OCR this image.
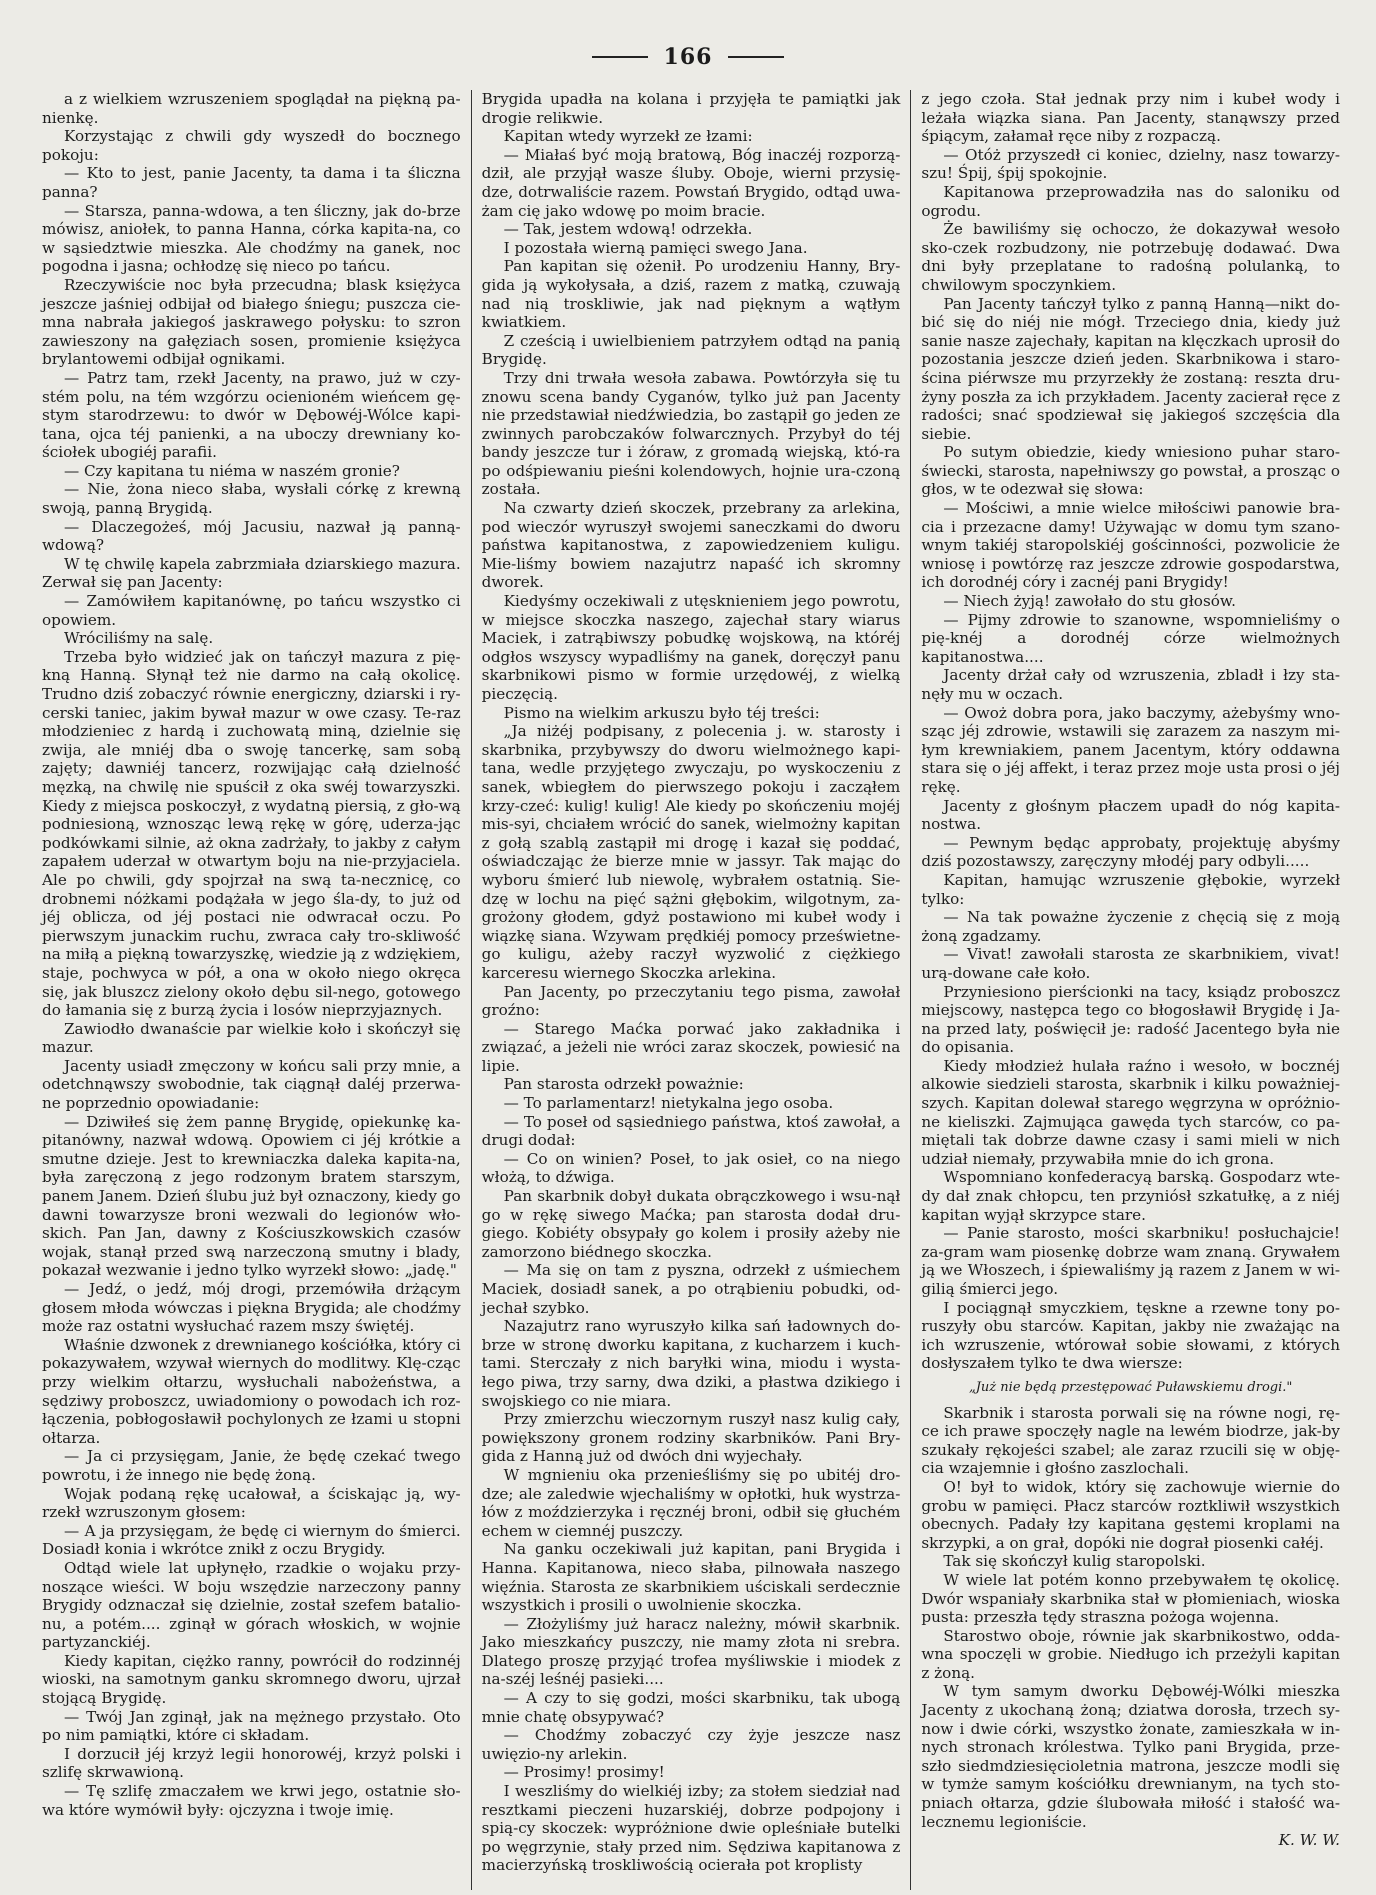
166

a z wielkiem wzruszeniem spoglądał na piękną pa-nienkę.

Korzystając z chwili gdy wyszedł do bocznego pokoju:

— Kto to jest, panie Jacenty, ta dama i ta śliczna panna?

— Starsza, panna-wdowa, a ten śliczny, jak do-brze mówisz, aniołek, to panna Hanna, córka kapita-na, co w sąsiedztwie mieszka. Ale chodźmy na ganek, noc pogodna i jasna; ochłodzę się nieco po tańcu.

Rzeczywiście noc była przecudna; blask księżyca jeszcze jaśniej odbijał od białego śniegu; puszcza cie-mna nabrała jakiegoś jaskrawego połysku: to szron zawieszony na gałęziach sosen, promienie księżyca brylantowemi odbijał ognikami.

— Patrz tam, rzekł Jacenty, na prawo, już w czy-stém polu, na tém wzgórzu ocienioném wieńcem gę-stym starodrzewu: to dwór w Dębowéj-Wólce kapi-tana, ojca téj panienki, a na uboczy drewniany ko-ściołek ubogiéj parafii.

— Czy kapitana tu niéma w naszém gronie?

— Nie, żona nieco słaba, wysłali córkę z krewną swoją, panną Brygidą.

— Dlaczegożeś, mój Jacusiu, nazwał ją panną-wdową?

W tę chwilę kapela zabrzmiała dziarskiego mazura. Zerwał się pan Jacenty:

— Zamówiłem kapitanównę, po tańcu wszystko ci opowiem.

Wróciliśmy na salę.

Trzeba było widzieć jak on tańczył mazura z pię-kną Hanną. Słynął też nie darmo na całą okolicę. Trudno dziś zobaczyć równie energiczny, dziarski i ry-cerski taniec, jakim bywał mazur w owe czasy. Te-raz młodzieniec z hardą i zuchowatą miną, dzielnie się zwija, ale mniéj dba o swoję tancerkę, sam sobą zajęty; dawniéj tancerz, rozwijając całą dzielność męzką, na chwilę nie spuścił z oka swéj towarzyszki. Kiedy z miejsca poskoczył, z wydatną piersią, z gło-wą podniesioną, wznosząc lewą rękę w górę, uderza-jąc podkówkami silnie, aż okna zadrżały, to jakby z całym zapałem uderzał w otwartym boju na nie-przyjaciela. Ale po chwili, gdy spojrzał na swą ta-necznicę, co drobnemi nóżkami podążała w jego śla-dy, to już od jéj oblicza, od jéj postaci nie odwracał oczu. Po pierwszym junackim ruchu, zwraca cały tro-skliwość na miłą a piękną towarzyszkę, wiedzie ją z wdziękiem, staje, pochwyca w pół, a ona w około niego okręca się, jak bluszcz zielony około dębu sil-nego, gotowego do łamania się z burzą życia i losów nieprzyjaznych.

Zawiodło dwanaście par wielkie koło i skończył się mazur.

Jacenty usiadł zmęczony w końcu sali przy mnie, a odetchnąwszy swobodnie, tak ciągnął daléj przerwa-ne poprzednio opowiadanie:

— Dziwiłeś się żem pannę Brygidę, opiekunkę ka-pitanówny, nazwał wdową. Opowiem ci jéj krótkie a smutne dzieje. Jest to krewniaczka daleka kapita-na, była zaręczoną z jego rodzonym bratem starszym, panem Janem. Dzień ślubu już był oznaczony, kiedy go dawni towarzysze broni wezwali do legionów wło-skich. Pan Jan, dawny z Kościuszkowskich czasów wojak, stanął przed swą narzeczoną smutny i blady, pokazał wezwanie i jedno tylko wyrzekł słowo: „jadę."

— Jedź, o jedź, mój drogi, przemówiła drżącym głosem młoda wówczas i piękna Brygida; ale chodźmy może raz ostatni wysłuchać razem mszy świętéj.

Właśnie dzwonek z drewnianego kościółka, który ci pokazywałem, wzywał wiernych do modlitwy. Klę-cząc przy wielkim ołtarzu, wysłuchali nabożeństwa, a sędziwy proboszcz, uwiadomiony o powodach ich roz-łączenia, pobłogosławił pochylonych ze łzami u stopni ołtarza.

— Ja ci przysięgam, Janie, że będę czekać twego powrotu, i że innego nie będę żoną.

Wojak podaną rękę ucałował, a ściskając ją, wy-rzekł wzruszonym głosem:

— A ja przysięgam, że będę ci wiernym do śmierci. Dosiadł konia i wkrótce znikł z oczu Brygidy.

Odtąd wiele lat upłynęło, rzadkie o wojaku przy-noszące wieści. W boju wszędzie narzeczony panny Brygidy odznaczał się dzielnie, został szefem batalio-nu, a potém.... zginął w górach włoskich, w wojnie partyzanckiéj.

Kiedy kapitan, ciężko ranny, powrócił do rodzinnéj wioski, na samotnym ganku skromnego dworu, ujrzał stojącą Brygidę.

— Twój Jan zginął, jak na mężnego przystało. Oto po nim pamiątki, które ci składam.

I dorzucił jéj krzyż legii honorowéj, krzyż polski i szlifę skrwawioną.

— Tę szlifę zmaczałem we krwi jego, ostatnie sło-wa które wymówił były: ojczyzna i twoje imię.

Brygida upadła na kolana i przyjęła te pamiątki jak drogie relikwie.

Kapitan wtedy wyrzekł ze łzami:

— Miałaś być moją bratową, Bóg inaczéj rozporzą-dził, ale przyjął wasze śluby. Oboje, wierni przysię-dze, dotrwaliście razem. Powstań Brygido, odtąd uwa-żam cię jako wdowę po moim bracie.

— Tak, jestem wdową! odrzekła.

I pozostała wierną pamięci swego Jana.

Pan kapitan się ożenił. Po urodzeniu Hanny, Bry-gida ją wykołysała, a dziś, razem z matką, czuwają nad nią troskliwie, jak nad pięknym a wątłym kwiatkiem.

Z cześcią i uwielbieniem patrzyłem odtąd na panią Brygidę.

Trzy dni trwała wesoła zabawa. Powtórzyła się tu znowu scena bandy Cyganów, tylko już pan Jacenty nie przedstawiał niedźwiedzia, bo zastąpił go jeden ze zwinnych parobczaków folwarcznych. Przybył do téj bandy jeszcze tur i żóraw, z gromadą wiejską, któ-ra po odśpiewaniu pieśni kolendowych, hojnie ura-czoną została.

Na czwarty dzień skoczek, przebrany za arlekina, pod wieczór wyruszył swojemi saneczkami do dworu państwa kapitanostwa, z zapowiedzeniem kuligu. Mie-liśmy bowiem nazajutrz napaść ich skromny dworek.

Kiedyśmy oczekiwali z utęsknieniem jego powrotu, w miejsce skoczka naszego, zajechał stary wiarus Maciek, i zatrąbiwszy pobudkę wojskową, na któréj odgłos wszyscy wypadliśmy na ganek, doręczył panu skarbnikowi pismo w formie urzędowéj, z wielką pieczęcią.

Pismo na wielkim arkuszu było téj treści:

„Ja niżéj podpisany, z polecenia j. w. starosty i skarbnika, przybywszy do dworu wielmożnego kapi-tana, wedle przyjętego zwyczaju, po wyskoczeniu z sanek, wbiegłem do pierwszego pokoju i zacząłem krzy-czeć: kulig! kulig! Ale kiedy po skończeniu mojéj mis-syi, chciałem wrócić do sanek, wielmożny kapitan z gołą szablą zastąpił mi drogę i kazał się poddać, oświadczając że bierze mnie w jassyr. Tak mając do wyboru śmierć lub niewolę, wybrałem ostatnią. Sie-dzę w lochu na pięć sążni głębokim, wilgotnym, za-grożony głodem, gdyż postawiono mi kubeł wody i wiązkę siana. Wzywam prędkiéj pomocy prześwietne-go kuligu, ażeby raczył wyzwolić z ciężkiego karceresu wiernego Skoczka arlekina.

Pan Jacenty, po przeczytaniu tego pisma, zawołał groźno:

— Starego Maćka porwać jako zakładnika i związać, a jeżeli nie wróci zaraz skoczek, powiesić na lipie.

Pan starosta odrzekł poważnie:

— To parlamentarz! nietykalna jego osoba.

— To poseł od sąsiedniego państwa, ktoś zawołał, a drugi dodał:

— Co on winien? Poseł, to jak osieł, co na niego włożą, to dźwiga.

Pan skarbnik dobył dukata obrączkowego i wsu-nął go w rękę siwego Maćka; pan starosta dodał dru-giego. Kobiéty obsypały go kolem i prosiły ażeby nie zamorzono biédnego skoczka.

— Ma się on tam z pyszna, odrzekł z uśmiechem Maciek, dosiadł sanek, a po otrąbieniu pobudki, od-jechał szybko.

Nazajutrz rano wyruszyło kilka sań ładownych do-brze w stronę dworku kapitana, z kucharzem i kuch-tami. Sterczały z nich baryłki wina, miodu i wysta-łego piwa, trzy sarny, dwa dziki, a płastwa dzikiego i swojskiego co nie miara.

Przy zmierzchu wieczornym ruszył nasz kulig cały, powiększony gronem rodziny skarbników. Pani Bry-gida z Hanną już od dwóch dni wyjechały.

W mgnieniu oka przenieśliśmy się po ubitéj dro-dze; ale zaledwie wjechaliśmy w opłotki, huk wystrza-łów z moździerzyka i ręcznéj broni, odbił się głuchém echem w ciemnéj puszczy.

Na ganku oczekiwali już kapitan, pani Brygida i Hanna. Kapitanowa, nieco słaba, pilnowała naszego więźnia. Starosta ze skarbnikiem uściskali serdecznie wszystkich i prosili o uwolnienie skoczka.

— Złożyliśmy już haracz należny, mówił skarbnik. Jako mieszkańcy puszczy, nie mamy złota ni srebra. Dlatego proszę przyjąć trofea myśliwskie i miodek z na-széj leśnéj pasieki....

— A czy to się godzi, mości skarbniku, tak ubogą mnie chatę obsypywać?

— Chodźmy zobaczyć czy żyje jeszcze nasz uwięzio-ny arlekin.

— Prosimy! prosimy!

I weszliśmy do wielkiéj izby; za stołem siedział nad resztkami pieczeni huzarskiéj, dobrze podpojony i spią-cy skoczek: wypróżnione dwie opleśniałe butelki po węgrzynie, stały przed nim. Sędziwa kapitanowa z macierzyńską troskliwością ocierała pot kroplisty

z jego czoła. Stał jednak przy nim i kubeł wody i leżała wiązka siana. Pan Jacenty, stanąwszy przed śpiącym, załamał ręce niby z rozpaczą.

— Otóż przyszedł ci koniec, dzielny, nasz towarzy-szu! Śpij, śpij spokojnie.

Kapitanowa przeprowadziła nas do saloniku od ogrodu.

Że bawiliśmy się ochoczo, że dokazywał wesoło sko-czek rozbudzony, nie potrzebuję dodawać. Dwa dni były przeplatane to radośną polulanką, to chwilowym spoczynkiem.

Pan Jacenty tańczył tylko z panną Hanną—nikt do-bić się do niéj nie mógł. Trzeciego dnia, kiedy już sanie nasze zajechały, kapitan na klęczkach uprosił do pozostania jeszcze dzień jeden. Skarbnikowa i staro-ścina piérwsze mu przyrzekły że zostaną: reszta dru-żyny poszła za ich przykładem. Jacenty zacierał ręce z radości; snać spodziewał się jakiegoś szczęścia dla siebie.

Po sutym obiedzie, kiedy wniesiono puhar staro-świecki, starosta, napełniwszy go powstał, a prosząc o głos, w te odezwał się słowa:

— Mościwi, a mnie wielce miłościwi panowie bra-cia i przezacne damy! Używając w domu tym szano-wnym takiéj staropolskiéj gościnności, pozwolicie że wniosę i powtórzę raz jeszcze zdrowie gospodarstwa, ich dorodnéj córy i zacnéj pani Brygidy!

— Niech żyją! zawołało do stu głosów.

— Pijmy zdrowie to szanowne, wspomnieliśmy o pię-knéj a dorodnéj córze wielmożnych kapitanostwa....

Jacenty drżał cały od wzruszenia, zbladł i łzy sta-nęły mu w oczach.

— Owoż dobra pora, jako baczymy, ażebyśmy wno-sząc jéj zdrowie, wstawili się zarazem za naszym mi-łym krewniakiem, panem Jacentym, który oddawna stara się o jéj affekt, i teraz przez moje usta prosi o jéj rękę.

Jacenty z głośnym płaczem upadł do nóg kapita-nostwa.

— Pewnym będąc approbaty, projektuję abyśmy dziś pozostawszy, zaręczyny młodéj pary odbyli.....

Kapitan, hamując wzruszenie głębokie, wyrzekł tylko:

— Na tak poważne życzenie z chęcią się z moją żoną zgadzamy.

— Vivat! zawołali starosta ze skarbnikiem, vivat! urą-dowane całe koło.

Przyniesiono pierścionki na tacy, ksiądz proboszcz miejscowy, następca tego co błogosławił Brygidę i Ja-na przed laty, poświęcił je: radość Jacentego była nie do opisania.

Kiedy młodzież hulała raźno i wesoło, w bocznéj alkowie siedzieli starosta, skarbnik i kilku poważniej-szych. Kapitan dolewał starego węgrzyna w opróżnio-ne kieliszki. Zajmująca gawęda tych starców, co pa-miętali tak dobrze dawne czasy i sami mieli w nich udział niemały, przywabiła mnie do ich grona.

Wspomniano konfederacyą barską. Gospodarz wte-dy dał znak chłopcu, ten przyniósł szkatułkę, a z niéj kapitan wyjął skrzypce stare.

— Panie starosto, mości skarbniku! posłuchajcie! za-gram wam piosenkę dobrze wam znaną. Grywałem ją we Włoszech, i śpiewaliśmy ją razem z Janem w wi-gilią śmierci jego.

I pociągnął smyczkiem, tęskne a rzewne tony po-ruszyły obu starców. Kapitan, jakby nie zważając na ich wzruszenie, wtórował sobie słowami, z których dosłyszałem tylko te dwa wiersze:

„Już nie będą przestępować Puławskiemu drogi."

Skarbnik i starosta porwali się na równe nogi, rę-ce ich prawe spoczęły nagle na lewém biodrze, jak-by szukały rękojeści szabel; ale zaraz rzucili się w obję-cia wzajemnie i głośno zaszlochali.

O! był to widok, który się zachowuje wiernie do grobu w pamięci. Płacz starców roztkliwił wszystkich obecnych. Padały łzy kapitana gęstemi kroplami na skrzypki, a on grał, dopóki nie dograł piosenki całéj.

Tak się skończył kulig staropolski.

W wiele lat potém konno przebywałem tę okolicę. Dwór wspaniały skarbnika stał w płomieniach, wioska pusta: przeszła tędy straszna pożoga wojenna.

Starostwo oboje, równie jak skarbnikostwo, odda-wna spoczęli w grobie. Niedługo ich przeżyli kapitan z żoną.

W tym samym dworku Dębowéj-Wólki mieszka Jacenty z ukochaną żoną; dziatwa dorosła, trzech sy-now i dwie córki, wszystko żonate, zamieszkała w in-nych stronach królestwa. Tylko pani Brygida, prze-szło siedmdziesięcioletnia matrona, jeszcze modli się w tymże samym kościółku drewnianym, na tych sto-pniach ołtarza, gdzie ślubowała miłość i stałość wa-lecznemu legioniście.

K. W. W.
